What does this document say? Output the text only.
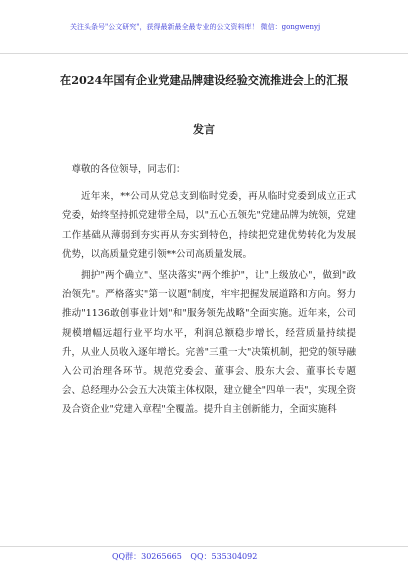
关注头条号"公文研究"，获得最新最全最专业的公文资料库！ 微信：gongwenyj
在2024年国有企业党建品牌建设经验交流推进会上的汇报
发言

尊敬的各位领导，同志们：

近年来，**公司从党总支到临时党委，再从临时党委到成立正式党委，始终坚持抓党建带全局，以"五心五领先"党建品牌为统领，党建工作基础从薄弱到夯实再从夯实到特色，持续把党建优势转化为发展优势，以高质量党建引领**公司高质量发展。

拥护"两个确立"、坚决落实"两个维护"，让"上级放心"，做到"政治领先"。严格落实"第一议题"制度，牢牢把握发展道路和方向。努力推动"1136敢创事业计划"和"服务领先战略"全面实施。近年来，公司规模增幅远超行业平均水平，利润总额稳步增长，经营质量持续提升，从业人员收入逐年增长。完善"三重一大"决策机制，把党的领导融入公司治理各环节。规范党委会、董事会、股东大会、董事长专题会、总经理办公会五大决策主体权限，建立健全"四单一表"，实现全资及合资企业"党建入章程"全覆盖。提升自主创新能力，全面实施科

QQ群：30265665 QQ：535304092
